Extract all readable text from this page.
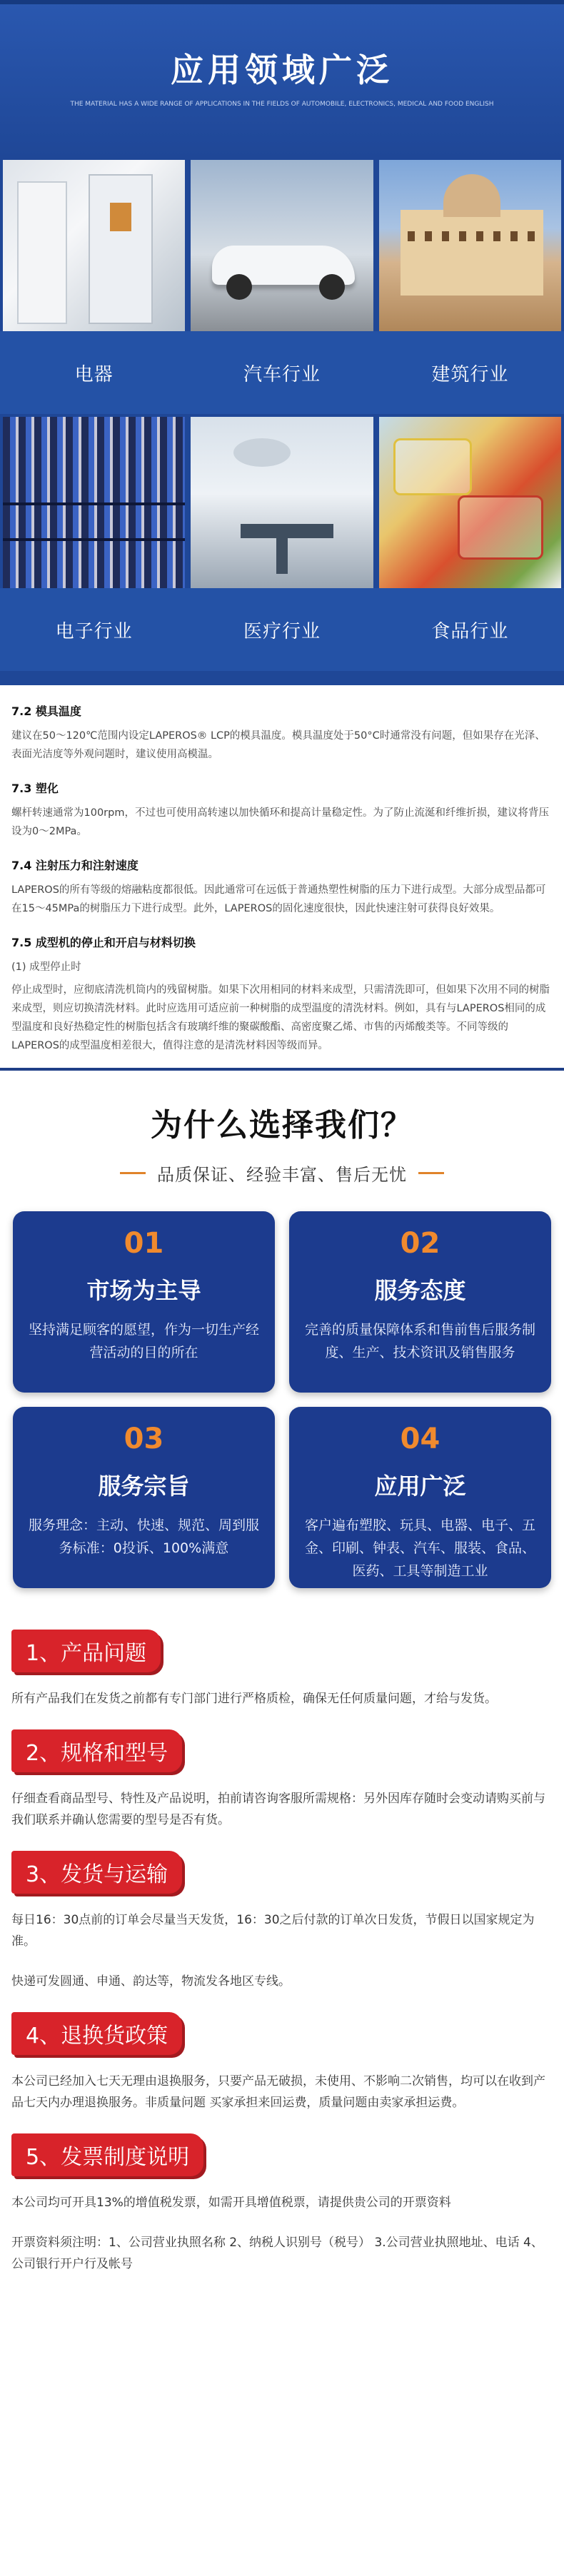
应用领域广泛
THE MATERIAL HAS A WIDE RANGE OF APPLICATIONS IN THE FIELDS OF AUTOMOBILE, ELECTRONICS, MEDICAL AND FOOD ENGLISH
电器	汽车行业	建筑行业
电子行业	医疗行业	食品行业
7.2 模具温度

建议在50～120℃范围内设定LAPEROS® LCP的模具温度。模具温度处于50°C时通常没有问题，但如果存在光泽、表面光洁度等外观问题时，建议使用高模温。

7.3 塑化

螺杆转速通常为100rpm，不过也可使用高转速以加快循环和提高计量稳定性。为了防止流涎和纤维折损，建议将背压设为0～2MPa。

7.4 注射压力和注射速度

LAPEROS的所有等级的熔融粘度都很低。因此通常可在远低于普通热塑性树脂的压力下进行成型。大部分成型品都可在15～45MPa的树脂压力下进行成型。此外，LAPEROS的固化速度很快，因此快速注射可获得良好效果。

7.5 成型机的停止和开启与材料切换

(1) 成型停止时

停止成型时，应彻底清洗机筒内的残留树脂。如果下次用相同的材料来成型，只需清洗即可，但如果下次用不同的树脂来成型，则应切换清洗材料。此时应选用可适应前一种树脂的成型温度的清洗材料。例如，具有与LAPEROS相同的成型温度和良好热稳定性的树脂包括含有玻璃纤维的聚碳酸酯、高密度聚乙烯、市售的丙烯酸类等。不同等级的LAPEROS的成型温度相差很大，值得注意的是清洗材料因等级而异。

为什么选择我们？
品质保证、经验丰富、售后无忧
01
市场为主导
坚持满足顾客的愿望，作为一切生产经营活动的目的所在
02
服务态度
完善的质量保障体系和售前售后服务制度、生产、技术资讯及销售服务
03
服务宗旨
服务理念：主动、快速、规范、周到服务标准：0投诉、100%满意
04
应用广泛
客户遍布塑胶、玩具、电器、电子、五金、印刷、钟表、汽车、服装、食品、医药、工具等制造工业
1、产品问题

所有产品我们在发货之前都有专门部门进行严格质检，确保无任何质量问题，才给与发货。

2、规格和型号

仔细查看商品型号、特性及产品说明，拍前请咨询客服所需规格：另外因库存随时会变动请购买前与我们联系并确认您需要的型号是否有货。

3、发货与运输

每日16：30点前的订单会尽量当天发货，16：30之后付款的订单次日发货，节假日以国家规定为准。

快递可发圆通、申通、韵达等，物流发各地区专线。

4、退换货政策

本公司已经加入七天无理由退换服务，只要产品无破损，未使用、不影响二次销售，均可以在收到产品七天内办理退换服务。非质量问题 买家承担来回运费，质量问题由卖家承担运费。

5、发票制度说明

本公司均可开具13%的增值税发票，如需开具增值税票，请提供贵公司的开票资料

开票资料须注明：1、公司营业执照名称 2、纳税人识别号（税号） 3.公司营业执照地址、电话 4、公司银行开户行及帐号
